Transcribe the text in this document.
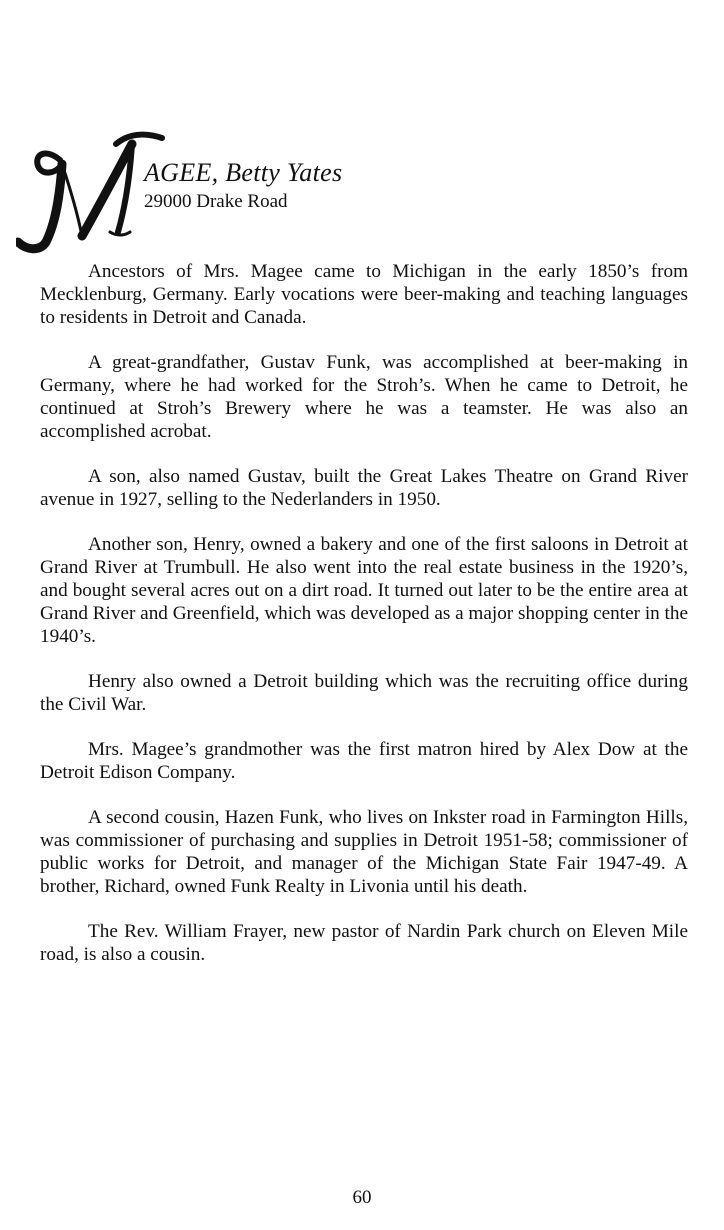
AGEE, Betty Yates
29000 Drake Road

Ancestors of Mrs. Magee came to Michigan in the early 1850’s from Mecklenburg, Germany. Early vocations were beer-making and teaching languages to residents in Detroit and Canada.

A great-grandfather, Gustav Funk, was accomplished at beer-making in Germany, where he had worked for the Stroh’s. When he came to Detroit, he continued at Stroh’s Brewery where he was a teamster. He was also an accomplished acrobat.

A son, also named Gustav, built the Great Lakes Theatre on Grand River avenue in 1927, selling to the Nederlanders in 1950.

Another son, Henry, owned a bakery and one of the first saloons in Detroit at Grand River at Trumbull. He also went into the real estate business in the 1920’s, and bought several acres out on a dirt road. It turned out later to be the entire area at Grand River and Greenfield, which was developed as a major shopping center in the 1940’s.

Henry also owned a Detroit building which was the recruiting office during the Civil War.

Mrs. Magee’s grandmother was the first matron hired by Alex Dow at the Detroit Edison Company.

A second cousin, Hazen Funk, who lives on Inkster road in Farmington Hills, was commissioner of purchasing and supplies in Detroit 1951-58; commissioner of public works for Detroit, and manager of the Michigan State Fair 1947-49. A brother, Richard, owned Funk Realty in Livonia until his death.

The Rev. William Frayer, new pastor of Nardin Park church on Eleven Mile road, is also a cousin.

60
